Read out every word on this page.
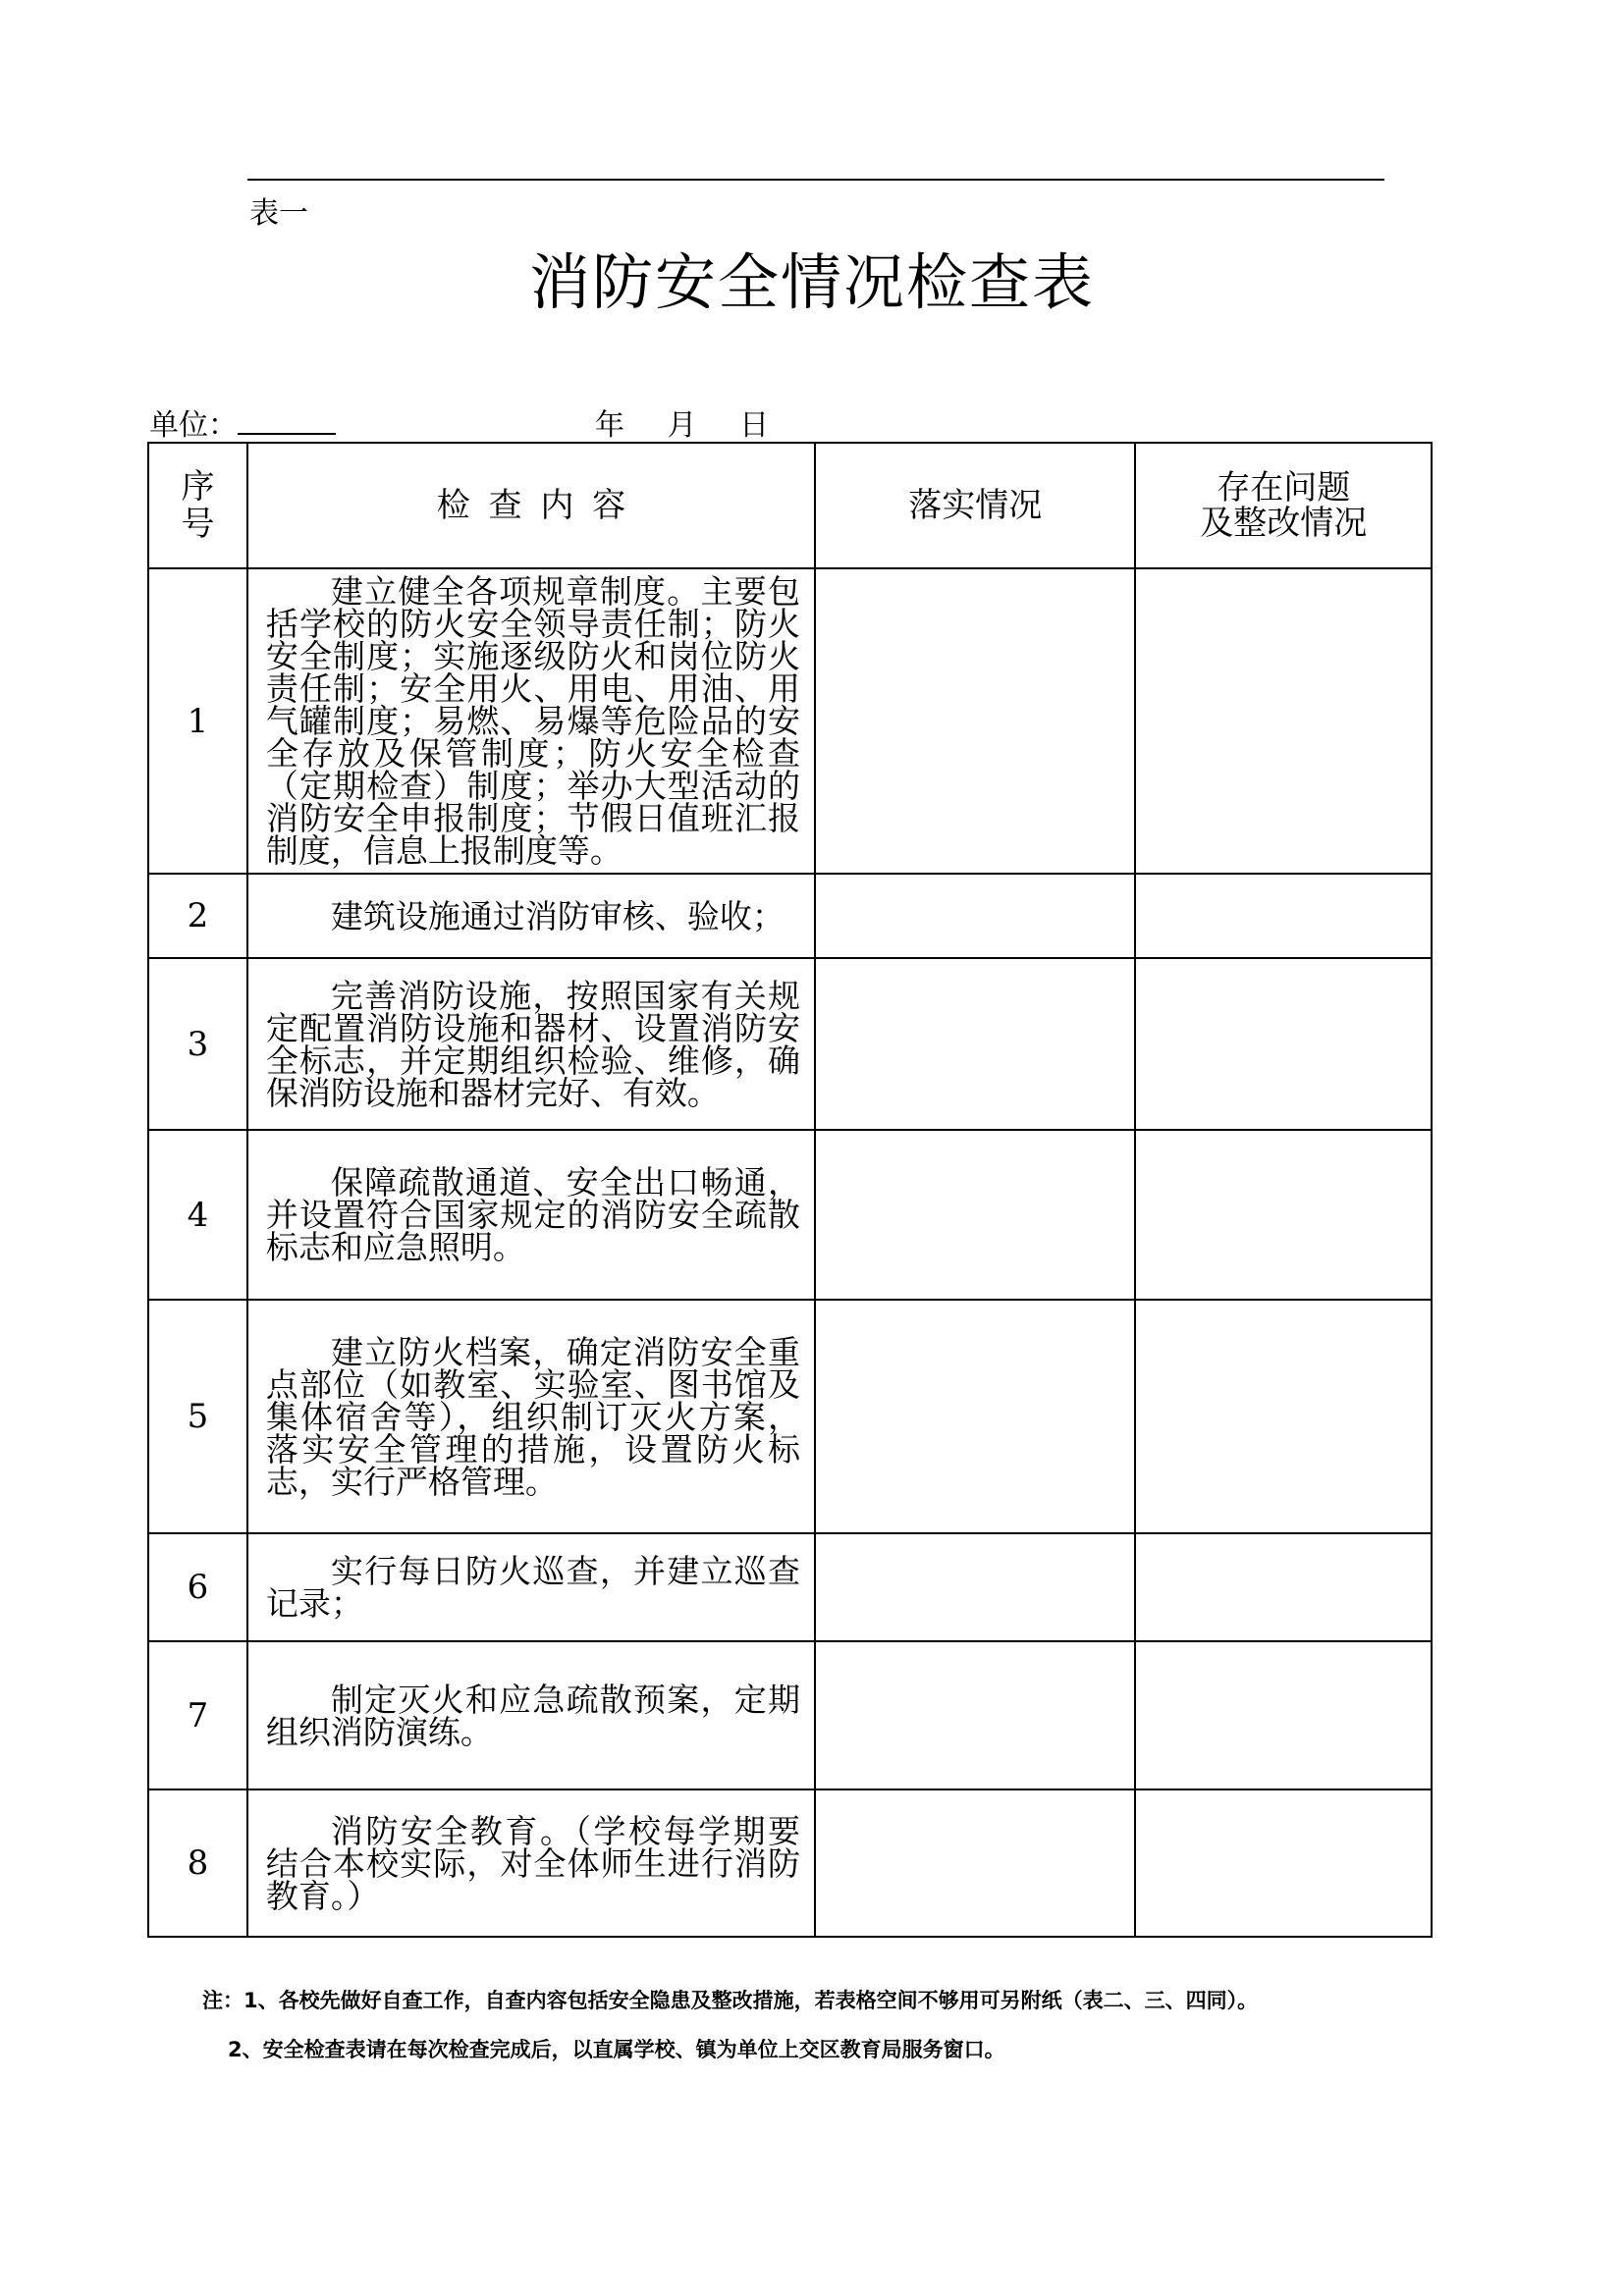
表一
消防安全情况检查表
单位：	年 月 日
序号	检 查 内 容	落实情况	存在问题
及整改情况

1	建立健全各项规章制度。主要包括学校的防火安全领导责任制；防火安全制度；实施逐级防火和岗位防火责任制；安全用火、用电、用油、用气罐制度；易燃、易爆等危险品的安全存放及保管制度；防火安全检查（定期检查）制度；举办大型活动的消防安全申报制度；节假日值班汇报制度，信息上报制度等。		
2	建筑设施通过消防审核、验收；		
3	完善消防设施，按照国家有关规定配置消防设施和器材、设置消防安全标志，并定期组织检验、维修，确保消防设施和器材完好、有效。		
4	保障疏散通道、安全出口畅通，并设置符合国家规定的消防安全疏散标志和应急照明。		
5	建立防火档案，确定消防安全重点部位（如教室、实验室、图书馆及集体宿舍等），组织制订灭火方案，落实安全管理的措施，设置防火标志，实行严格管理。		
6	实行每日防火巡查，并建立巡查记录；		
7	制定灭火和应急疏散预案，定期组织消防演练。		
8	消防安全教育。（学校每学期要结合本校实际，对全体师生进行消防教育。）		
注：1、各校先做好自查工作，自查内容包括安全隐患及整改措施，若表格空间不够用可另附纸（表二、三、四同）。
2、安全检查表请在每次检查完成后，以直属学校、镇为单位上交区教育局服务窗口。
